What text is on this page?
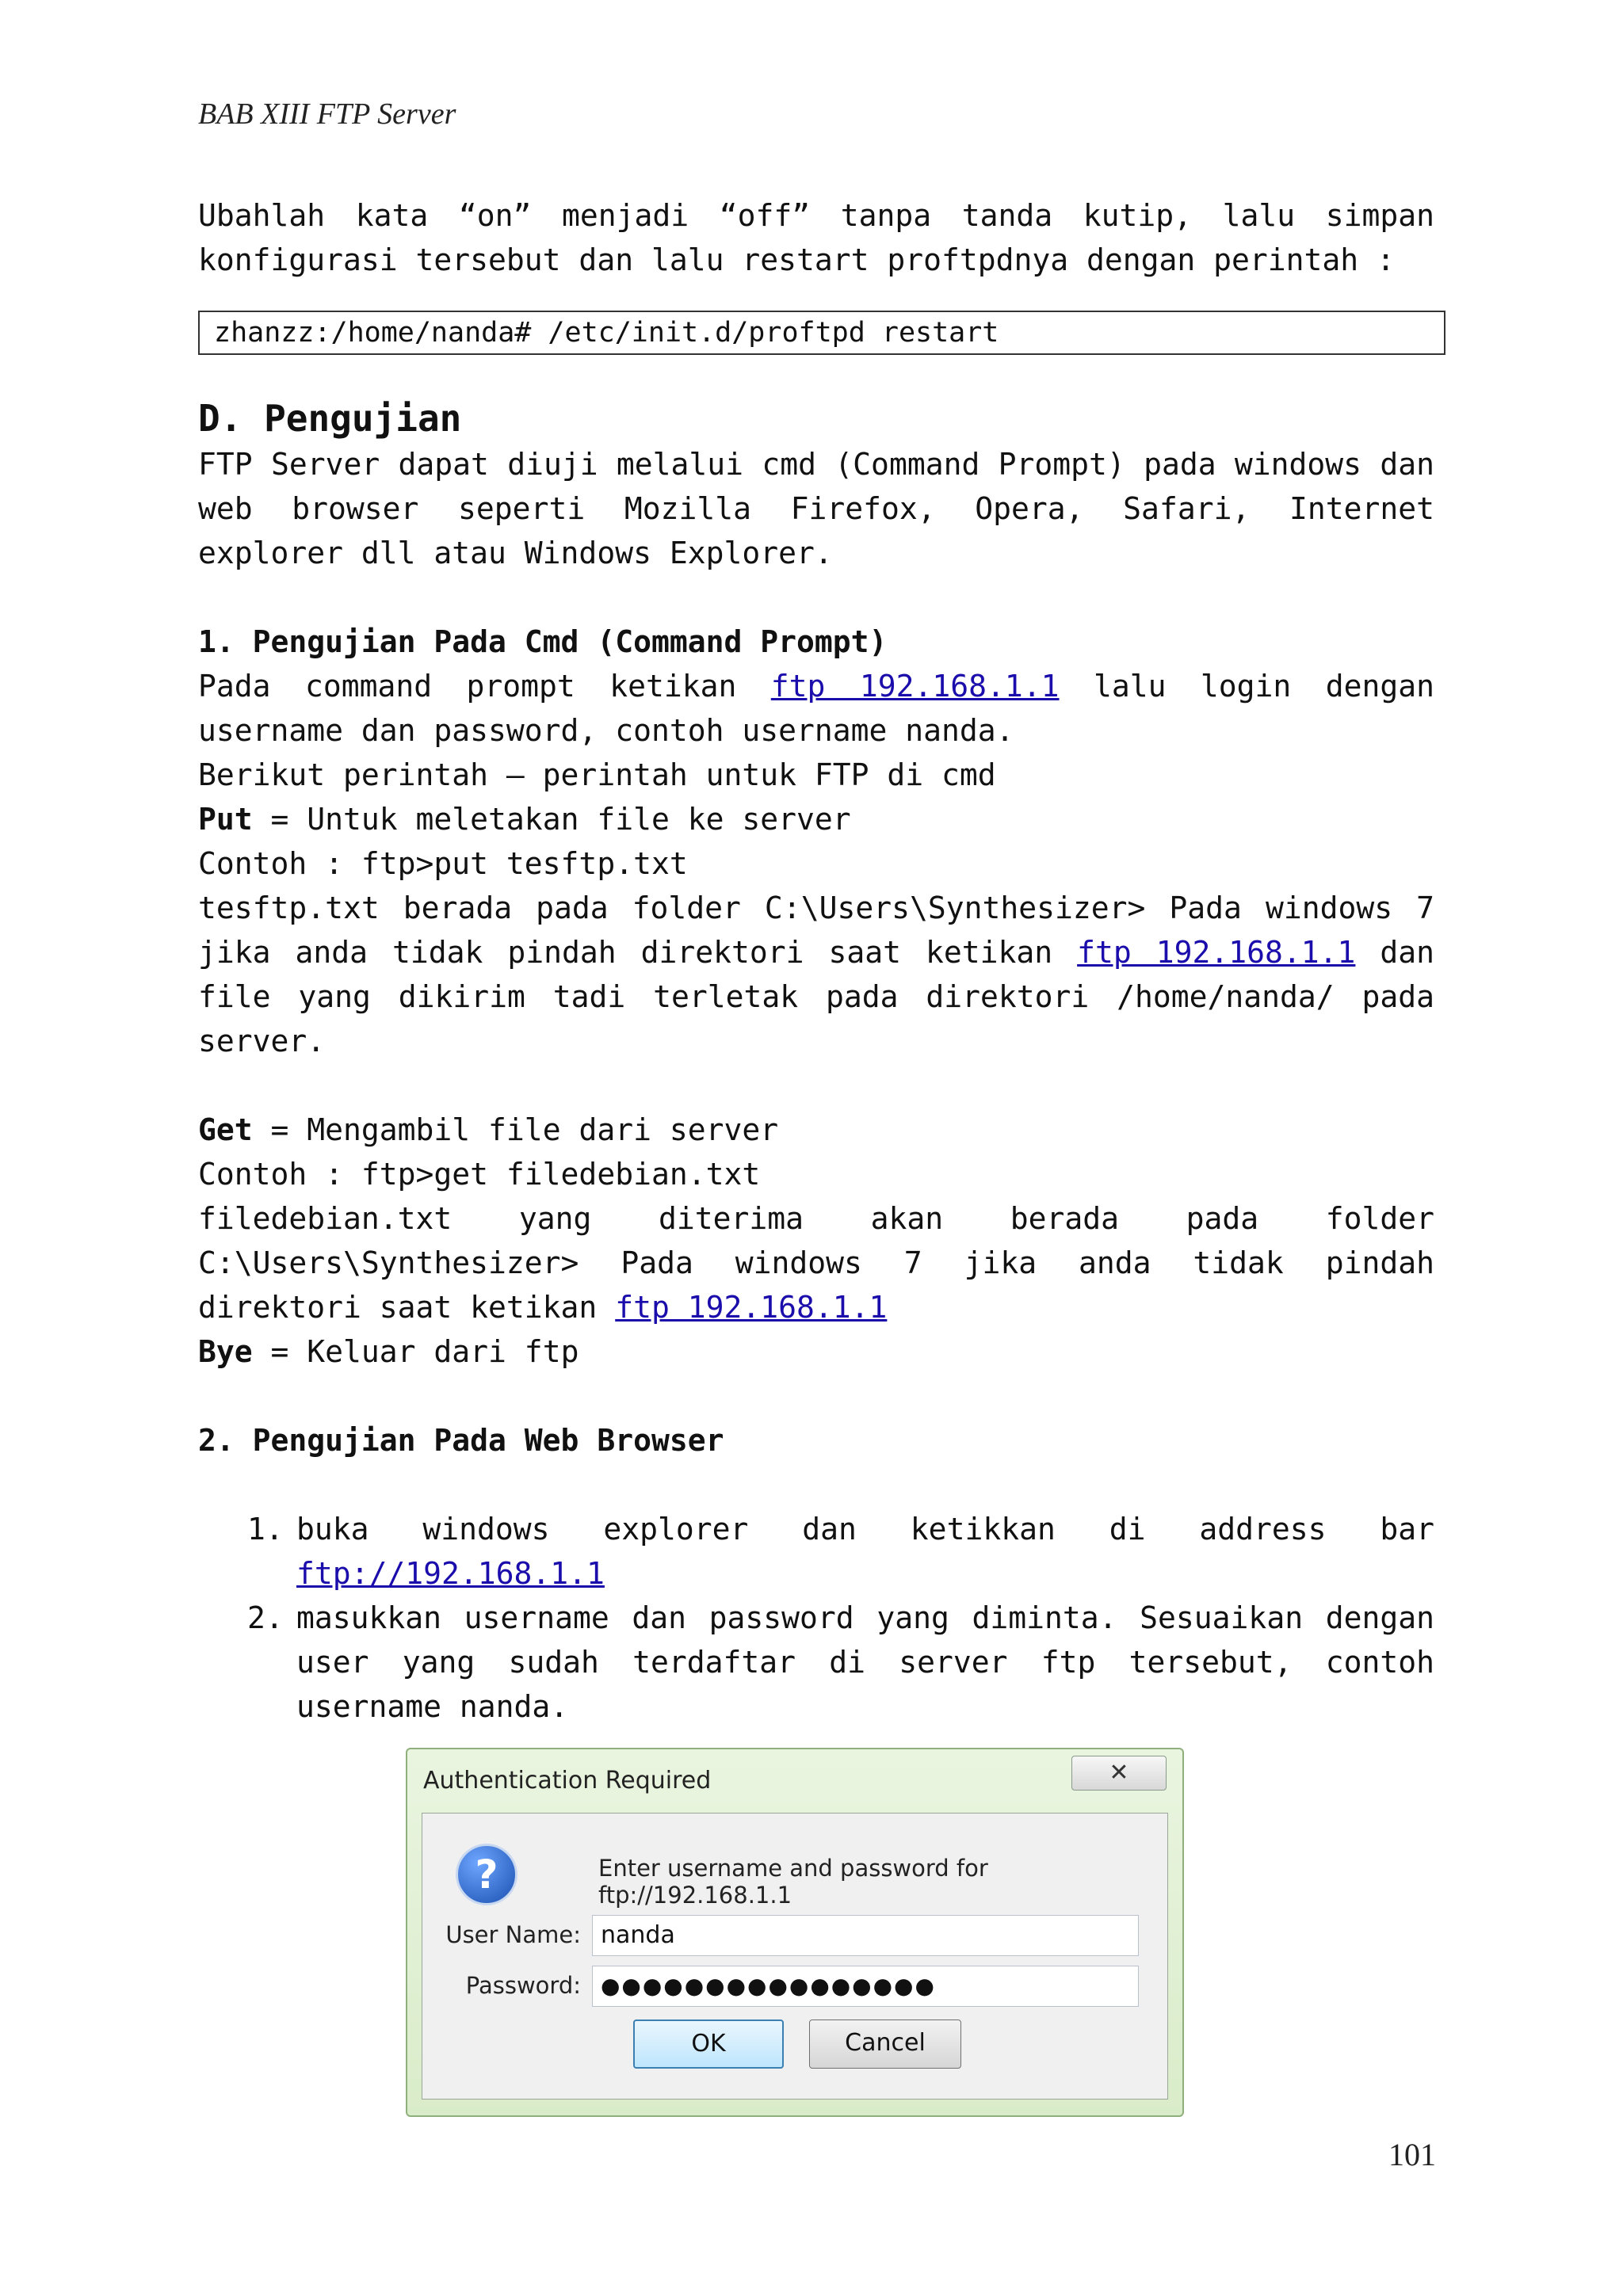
BAB XIII FTP Server

Ubahlah kata “on” menjadi “off” tanpa tanda kutip, lalu simpan

konfigurasi tersebut dan lalu restart proftpdnya dengan perintah :

zhanzz:/home/nanda# /etc/init.d/proftpd restart
D. Pengujian

FTP Server dapat diuji melalui cmd (Command Prompt) pada windows dan web browser seperti Mozilla Firefox, Opera, Safari, Internet explorer dll atau Windows Explorer.

1. Pengujian Pada Cmd (Command Prompt)

Pada command prompt ketikan ftp 192.168.1.1 lalu login dengan username dan password, contoh username nanda.

Berikut perintah – perintah untuk FTP di cmd

Put = Untuk meletakan file ke server

Contoh : ftp>put tesftp.txt

tesftp.txt berada pada folder C:\Users\Synthesizer> Pada windows 7 jika anda tidak pindah direktori saat ketikan ftp 192.168.1.1 dan file yang dikirim tadi terletak pada direktori /home/nanda/ pada server.

Get = Mengambil file dari server

Contoh : ftp>get filedebian.txt

filedebian.txt yang diterima akan berada pada folder C:\Users\Synthesizer> Pada windows 7 jika anda tidak pindah direktori saat ketikan ftp 192.168.1.1

Bye = Keluar dari ftp

2. Pengujian Pada Web Browser

1. buka windows explorer dan ketikkan di address bar ftp://192.168.1.1
2. masukkan username dan password yang diminta. Sesuaikan dengan user yang sudah terdaftar di server ftp tersebut, contoh username nanda.
Authentication Required	✕
?	Enter username and password for ftp://192.168.1.1
User Name: nanda
Password: ●●●●●●●●●●●●●●●●
OK	Cancel
101
